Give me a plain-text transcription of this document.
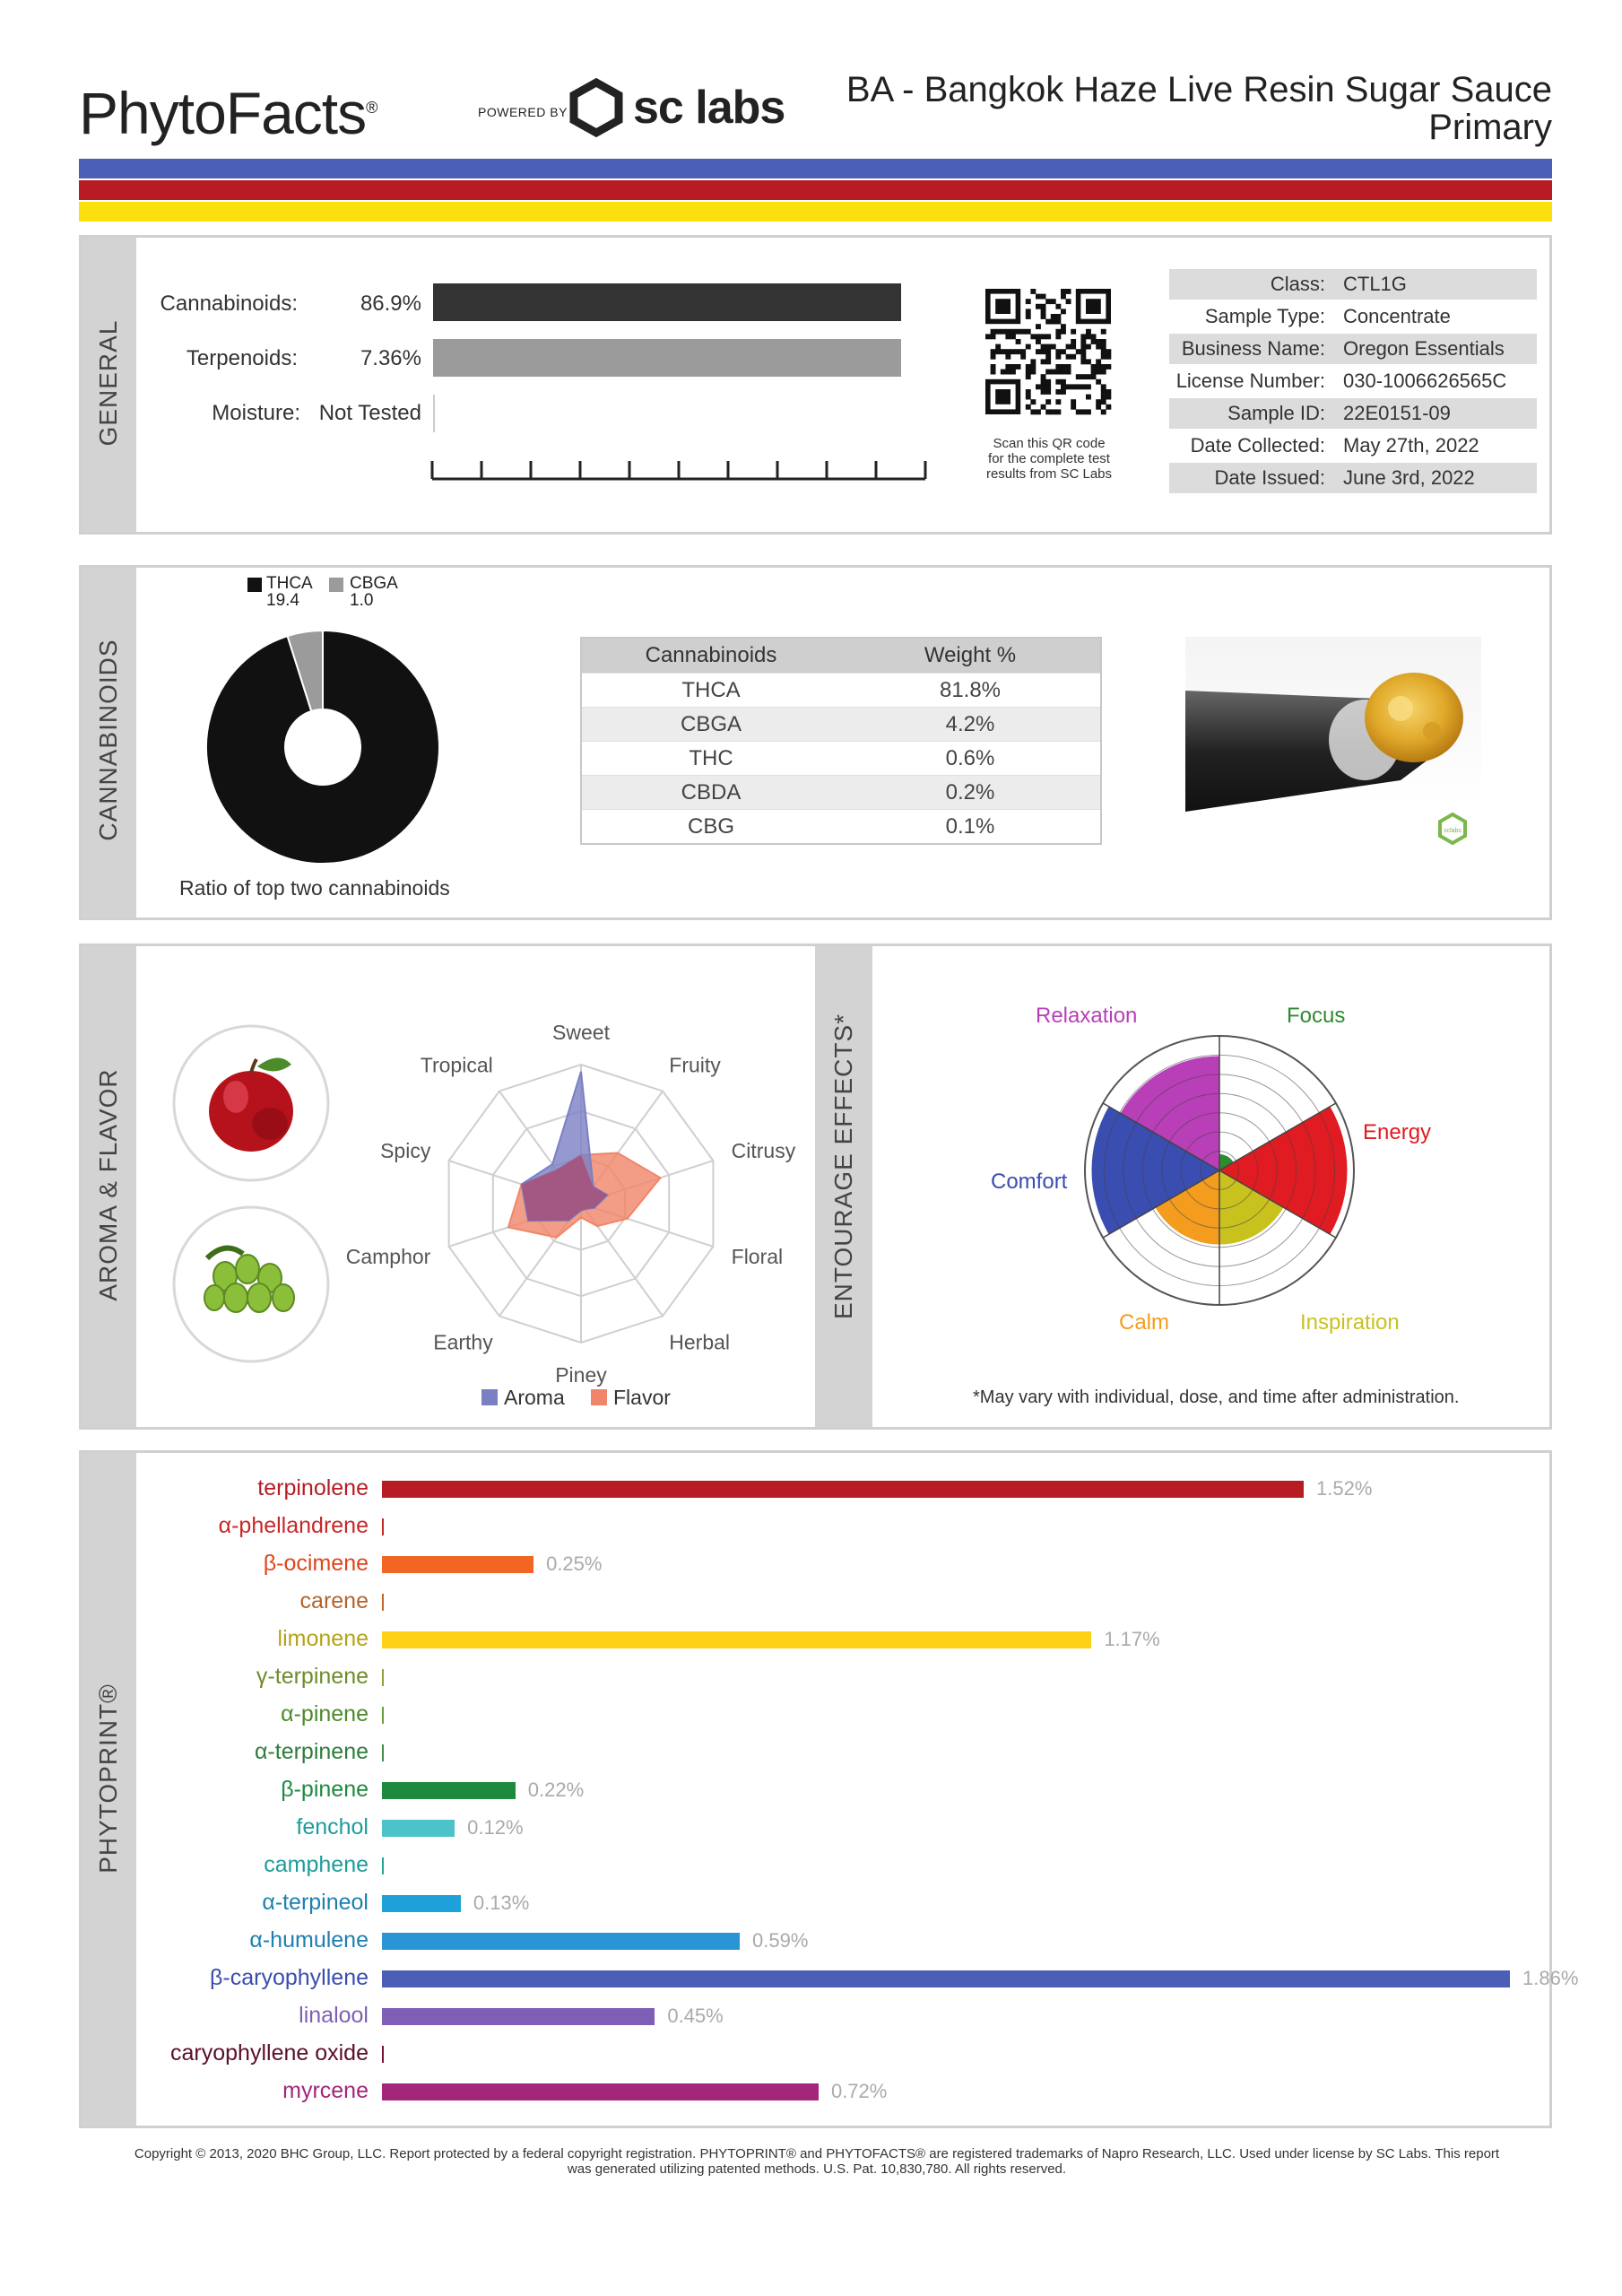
PhytoFacts®	POWERED BY sc labs BA - Bangkok Haze Live Resin Sugar Sauce
Primary
GENERAL
Cannabinoids:	86.9%
Terpenoids:	7.36%
Moisture: Not Tested
Scan this QR code
for the complete test
results from SC Labs
Class: CTL1G
Sample Type: Concentrate
Business Name: Oregon Essentials
License Number: 030-1006626565C
Sample ID: 22E0151-09
Date Collected: May 27th, 2022
Date Issued: June 3rd, 2022
CANNABINOIDS
THCA
19.4
CBGA
1.0
Ratio of top two cannabinoids
Cannabinoids	Weight %
THCA	81.8%
CBGA	4.2%
THC	0.6%
CBDA	0.2%
CBG	0.1%	sclabs
AROMA & FLAVOR	ENTOURAGE EFFECTS*
Sweet
Fruity
Citrusy
Floral
Herbal
Piney
Earthy
Camphor
Spicy
Tropical
Aroma Flavor
Focus
Energy
Inspiration
Calm
Comfort
Relaxation
*May vary with individual, dose, and time after administration.
PHYTOPRINT®
terpinolene	1.52%
α-phellandrene
β-ocimene	0.25%
carene
limonene	1.17%
γ-terpinene
α-pinene
α-terpinene
β-pinene	0.22%
fenchol	0.12%
camphene
α-terpineol	0.13%
α-humulene	0.59%
β-caryophyllene	1.86%
linalool	0.45%
caryophyllene oxide
myrcene	0.72%
Copyright © 2013, 2020 BHC Group, LLC. Report protected by a federal copyright registration. PHYTOPRINT® and PHYTOFACTS® are registered trademarks of Napro Research, LLC. Used under license by SC Labs. This report
was generated utilizing patented methods. U.S. Pat. 10,830,780. All rights reserved.
